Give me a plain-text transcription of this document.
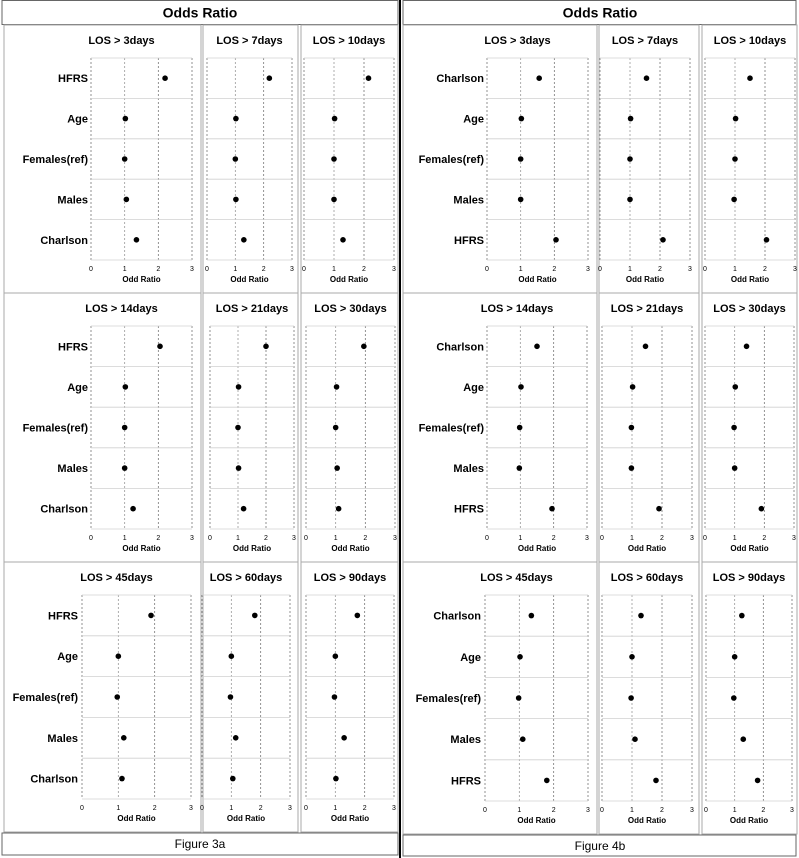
Odds Ratio
Figure 3a
Odds Ratio
Figure 4b
LOS > 3days
HFRS
Age
Females(ref)
Males
Charlson
0	1	2	3
Odd Ratio
LOS > 3days
Charlson
Age
Females(ref)
Males
HFRS
0	1	2	3
Odd Ratio
LOS > 7days
0	1	2	3
Odd Ratio
LOS > 7days
0	1	2	3
Odd Ratio
LOS > 10days
0	1	2	3
Odd Ratio
LOS > 10days
0	1	2	3
Odd Ratio
LOS > 14days
HFRS
Age
Females(ref)
Males
Charlson
0	1	2	3
Odd Ratio
LOS > 14days
Charlson
Age
Females(ref)
Males
HFRS
0	1	2	3
Odd Ratio
LOS > 21days
0	1	2	3
Odd Ratio
LOS > 21days
0	1	2	3
Odd Ratio
LOS > 30days
0	1	2	3
Odd Ratio
LOS > 30days
0	1	2	3
Odd Ratio
LOS > 45days
HFRS
Age
Females(ref)
Males
Charlson
0	1	2	3
Odd Ratio
LOS > 45days
Charlson
Age
Females(ref)
Males
HFRS
0	1	2	3
Odd Ratio
LOS > 60days
0	1	2	3
Odd Ratio
LOS > 60days
0	1	2	3
Odd Ratio
LOS > 90days
0	1	2	3
Odd Ratio
LOS > 90days
0	1	2	3
Odd Ratio
